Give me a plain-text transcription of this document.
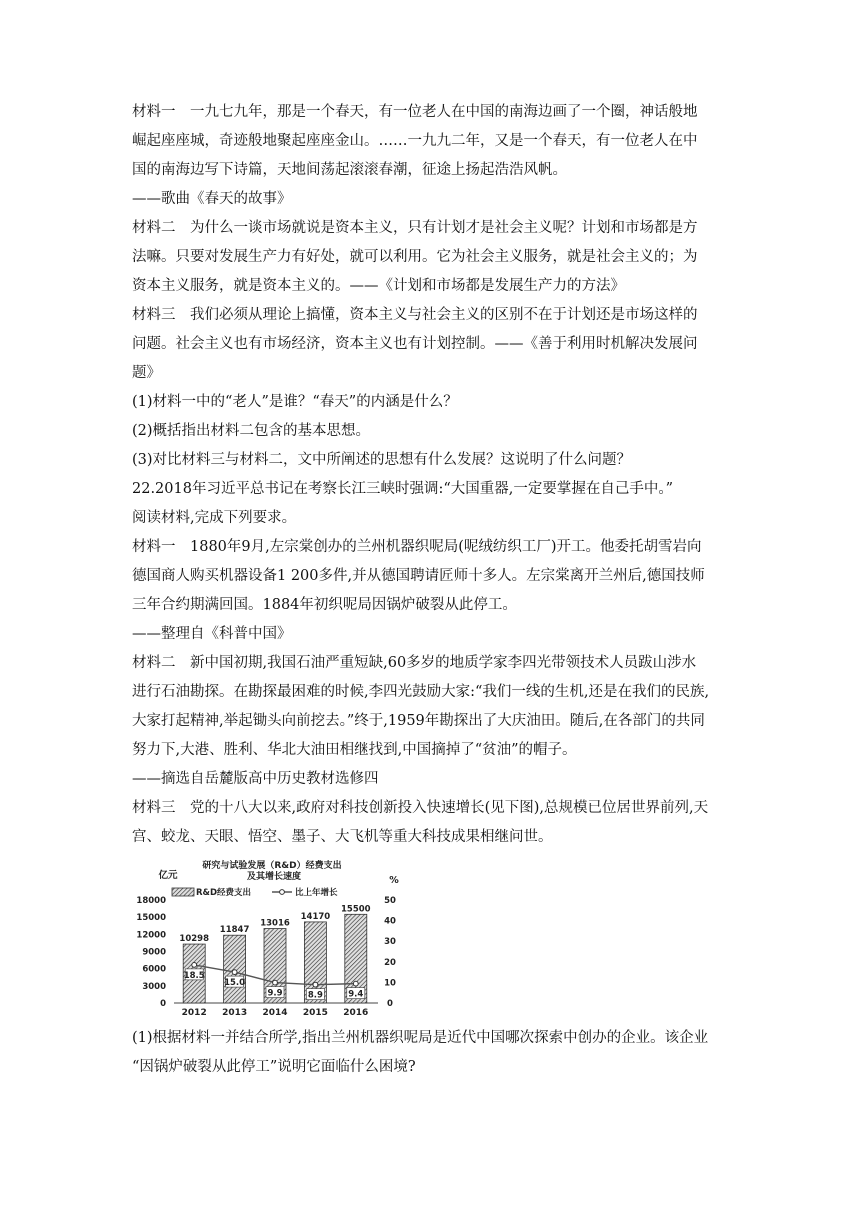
材料一　一九七九年，那是一个春天，有一位老人在中国的南海边画了一个圈，神话般地

崛起座座城，奇迹般地聚起座座金山。……一九九二年，又是一个春天，有一位老人在中

国的南海边写下诗篇，天地间荡起滚滚春潮，征途上扬起浩浩风帆。

——歌曲《春天的故事》

材料二　为什么一谈市场就说是资本主义，只有计划才是社会主义呢？计划和市场都是方

法嘛。只要对发展生产力有好处，就可以利用。它为社会主义服务，就是社会主义的；为

资本主义服务，就是资本主义的。——《计划和市场都是发展生产力的方法》

材料三　我们必须从理论上搞懂，资本主义与社会主义的区别不在于计划还是市场这样的

问题。社会主义也有市场经济，资本主义也有计划控制。——《善于利用时机解决发展问

题》

(1)材料一中的“老人”是谁？“春天”的内涵是什么？

(2)概括指出材料二包含的基本思想。

(3)对比材料三与材料二，文中所阐述的思想有什么发展？这说明了什么问题？

22.2018年习近平总书记在考察长江三峡时强调:“大国重器,一定要掌握在自己手中。”

阅读材料,完成下列要求。

材料一　1880年9月,左宗棠创办的兰州机器织呢局(呢绒纺织工厂)开工。他委托胡雪岩向

德国商人购买机器设备1 200多件,并从德国聘请匠师十多人。左宗棠离开兰州后,德国技师

三年合约期满回国。1884年初织呢局因锅炉破裂从此停工。

——整理自《科普中国》

材料二　新中国初期,我国石油严重短缺,60多岁的地质学家李四光带领技术人员跋山涉水

进行石油勘探。在勘探最困难的时候,李四光鼓励大家:“我们一线的生机,还是在我们的民族,

大家打起精神,举起锄头向前挖去。”终于,1959年勘探出了大庆油田。随后,在各部门的共同

努力下,大港、胜利、华北大油田相继找到,中国摘掉了“贫油”的帽子。

——摘选自岳麓版高中历史教材选修四

材料三　党的十八大以来,政府对科技创新投入快速增长(见下图),总规模已位居世界前列,天

宫、蛟龙、天眼、悟空、墨子、大飞机等重大科技成果相继问世。

研究与试验发展（R&D）经费支出
及其增长速度
亿元	%
R&D经费支出	比上年增长
0
3000
6000
9000
12000
15000
18000
0
10
20
30
40
50
10298
2012
11847
2013
13016
2014
14170
2015
15500
2016
18.5
15.0
9.9	8.9	9.4

(1)根据材料一并结合所学,指出兰州机器织呢局是近代中国哪次探索中创办的企业。该企业

“因锅炉破裂从此停工”说明它面临什么困境?
